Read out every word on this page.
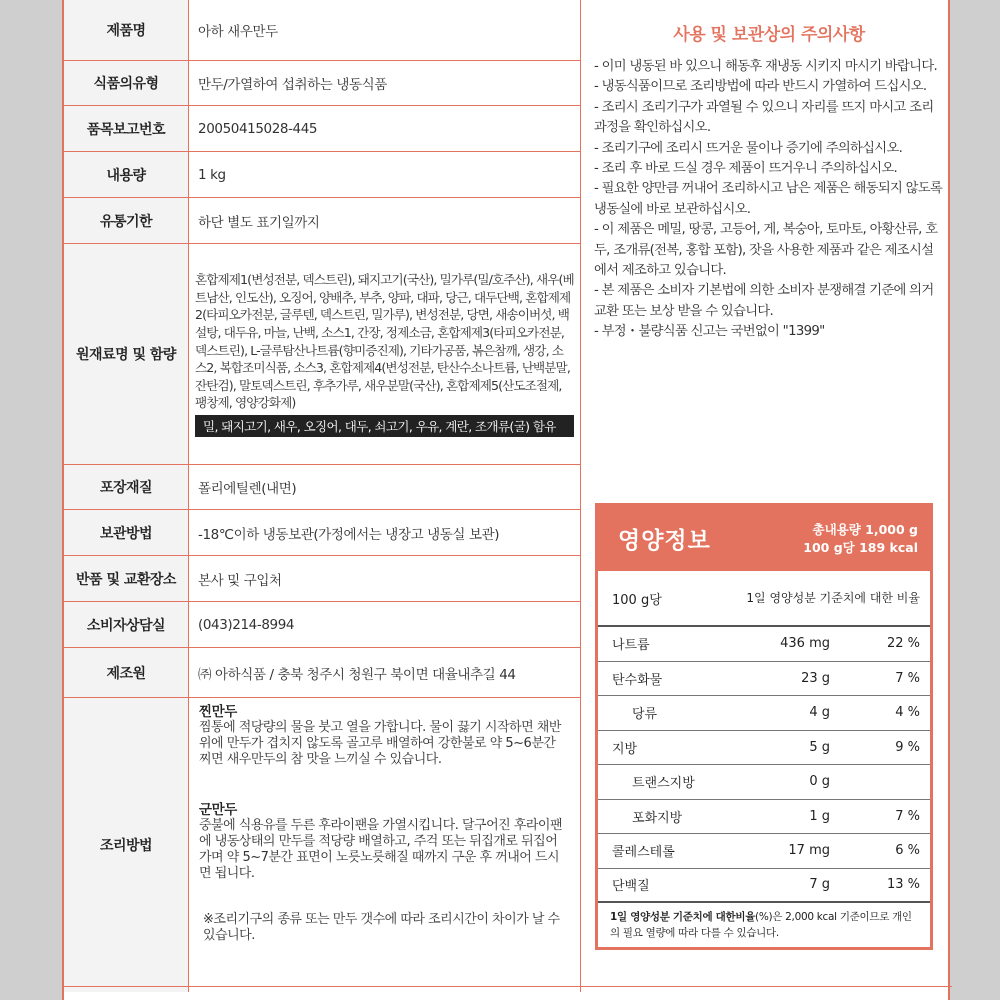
제품명	아하 새우만두
식품의유형	만두/가열하여 섭취하는 냉동식품
품목보고번호	20050415028-445
내용량	1 kg
유통기한	하단 별도 표기일까지
원재료명 및 함량

혼합제제1(변성전분, 덱스트린), 돼지고기(국산), 밀가루(밀/호주산), 새우(베트남산, 인도산), 오징어, 양배추, 부추, 양파, 대파, 당근, 대두단백, 혼합제제2(타피오카전분, 글루텐, 덱스트린, 밀가루), 변성전분, 당면, 새송이버섯, 백설탕, 대두유, 마늘, 난백, 소스1, 간장, 정제소금, 혼합제제3(타피오카전분, 덱스트린), L-글루탐산나트륨(향미증진제), 기타가공품, 볶은참깨, 생강, 소스2, 복합조미식품, 소스3, 혼합제제4(변성전분, 탄산수소나트륨, 난백분말, 잔탄검), 말토덱스트린, 후추가루, 새우분말(국산), 혼합제제5(산도조절제, 팽창제, 영양강화제)

밀, 돼지고기, 새우, 오징어, 대두, 쇠고기, 우유, 계란, 조개류(굴) 함유
포장재질	폴리에틸렌(내면)
보관방법	-18℃이하 냉동보관(가정에서는 냉장고 냉동실 보관)
반품 및 교환장소	본사 및 구입처
소비자상담실	(043)214-8994
제조원	㈜ 아하식품 / 충북 청주시 청원구 북이면 대율내추길 44
조리방법
찐만두

찜통에 적당량의 물을 붓고 열을 가합니다. 물이 끓기 시작하면 채반위에 만두가 겹치지 않도록 골고루 배열하여 강한불로 약 5~6분간 찌면 새우만두의 참 맛을 느끼실 수 있습니다.

군만두

중불에 식용유를 두른 후라이팬을 가열시킵니다. 달구어진 후라이팬에 냉동상태의 만두를 적당량 배열하고, 주걱 또는 뒤집개로 뒤집어 가며 약 5~7분간 표면이 노릇노릇해질 때까지 구운 후 꺼내어 드시면 됩니다.

※조리기구의 종류 또는 만두 갯수에 따라 조리시간이 차이가 날 수 있습니다.

사용 및 보관상의 주의사항
- 이미 냉동된 바 있으니 해동후 재냉동 시키지 마시기 바랍니다.
- 냉동식품이므로 조리방법에 따라 반드시 가열하여 드십시오.
- 조리시 조리기구가 과열될 수 있으니 자리를 뜨지 마시고 조리과정을 확인하십시오.
- 조리기구에 조리시 뜨거운 물이나 증기에 주의하십시오.
- 조리 후 바로 드실 경우 제품이 뜨거우니 주의하십시오.
- 필요한 양만큼 꺼내어 조리하시고 남은 제품은 해동되지 않도록 냉동실에 바로 보관하십시오.
- 이 제품은 메밀, 땅콩, 고등어, 게, 복숭아, 토마토, 아황산류, 호두, 조개류(전복, 홍합 포함), 잣을 사용한 제품과 같은 제조시설에서 제조하고 있습니다.
- 본 제품은 소비자 기본법에 의한 소비자 분쟁해결 기준에 의거 교환 또는 보상 받을 수 있습니다.
- 부정・불량식품 신고는 국번없이 "1399"
영양정보	총내용량 1,000 g
100 g당 189 kcal
100 g당	1일 영양성분 기준치에 대한 비율
나트륨	436 mg	22 %
탄수화물	23 g	7 %
당류	4 g	4 %
지방	5 g	9 %
트랜스지방	0 g
포화지방	1 g	7 %
콜레스테롤	17 mg	6 %
단백질	7 g	13 %
1일 영양성분 기준치에 대한비율(%)은 2,000 kcal 기준이므로 개인의 필요 열량에 따라 다를 수 있습니다.
